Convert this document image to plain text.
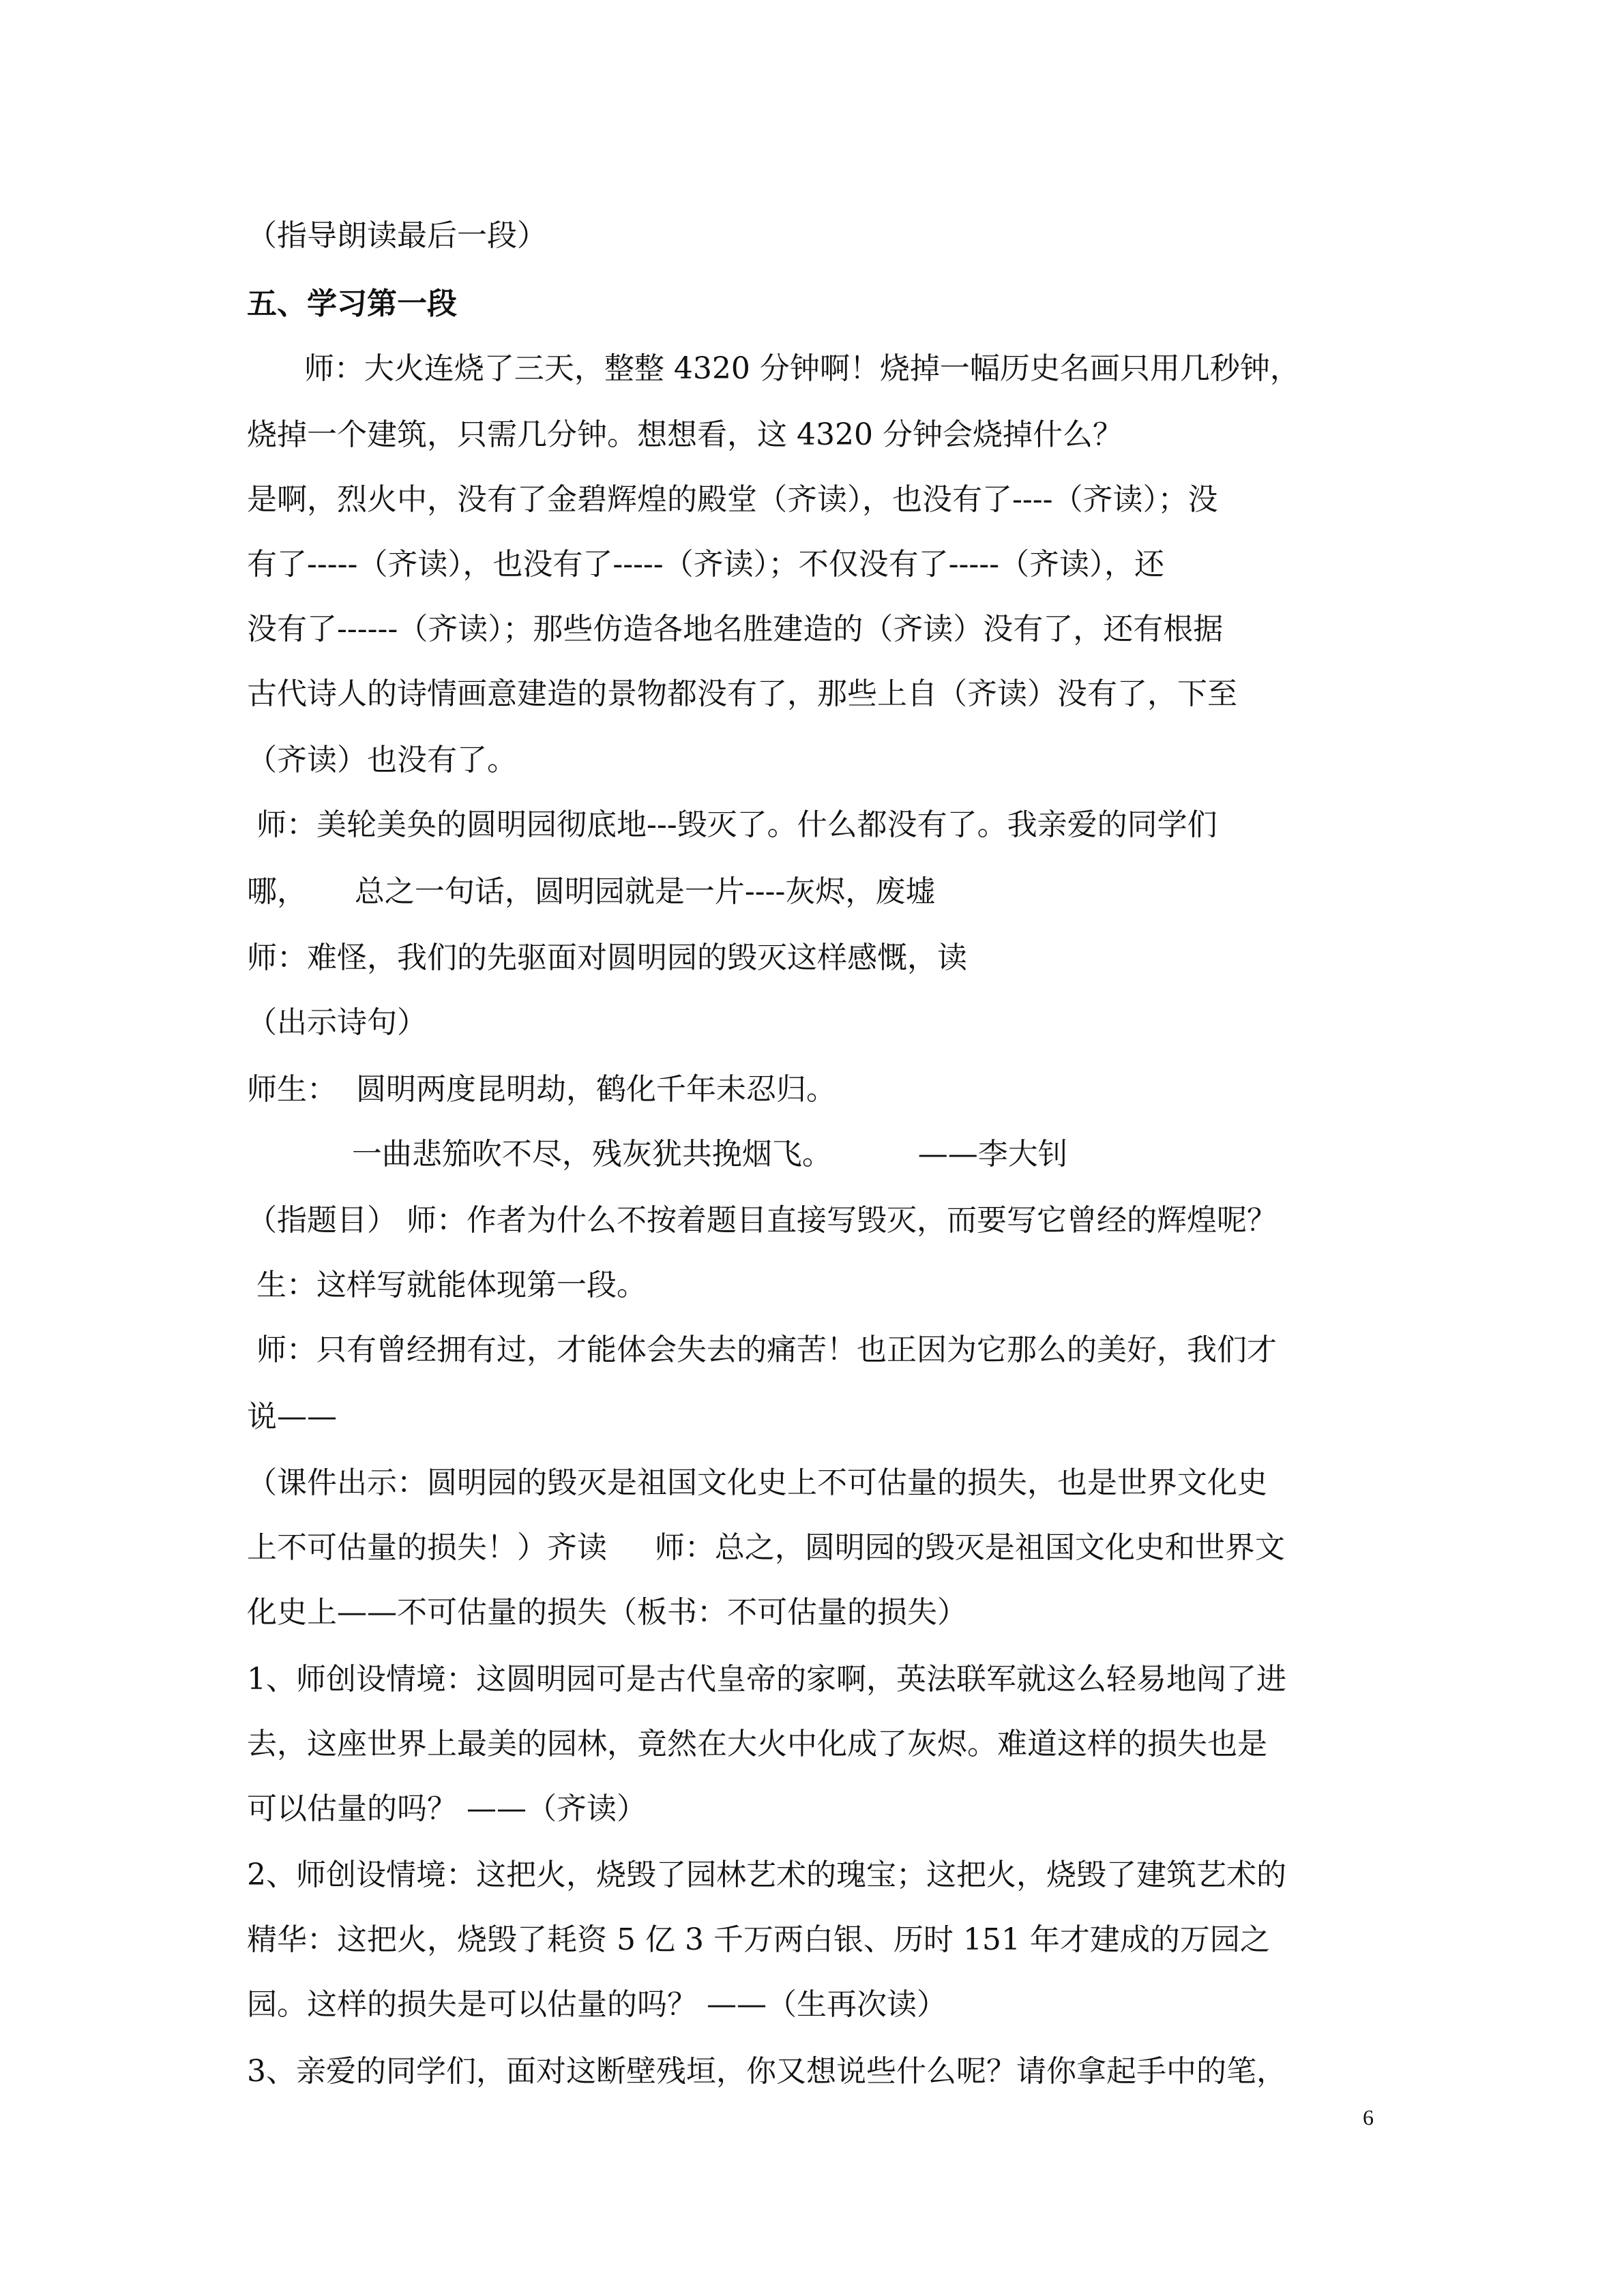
（指导朗读最后一段）
五、学习第一段
师：大火连烧了三天，整整 4320 分钟啊！烧掉一幅历史名画只用几秒钟，
烧掉一个建筑，只需几分钟。想想看，这 4320 分钟会烧掉什么？
是啊，烈火中，没有了金碧辉煌的殿堂（齐读），也没有了----（齐读）；没
有了-----（齐读），也没有了-----（齐读）；不仅没有了-----（齐读），还
没有了------（齐读）；那些仿造各地名胜建造的（齐读）没有了，还有根据
古代诗人的诗情画意建造的景物都没有了，那些上自（齐读）没有了，下至
（齐读）也没有了。
师：美轮美奂的圆明园彻底地---毁灭了。什么都没有了。我亲爱的同学们
哪，     总之一句话，圆明园就是一片----灰烬，废墟
师：难怪，我们的先驱面对圆明园的毁灭这样感慨，读
（出示诗句）
师生：  圆明两度昆明劫，鹤化千年未忍归。
一曲悲笳吹不尽，残灰犹共挽烟飞。         ——李大钊
（指题目） 师：作者为什么不按着题目直接写毁灭，而要写它曾经的辉煌呢？
生：这样写就能体现第一段。
师：只有曾经拥有过，才能体会失去的痛苦！也正因为它那么的美好，我们才
说——
（课件出示：圆明园的毁灭是祖国文化史上不可估量的损失，也是世界文化史
上不可估量的损失！）齐读     师：总之，圆明园的毁灭是祖国文化史和世界文
化史上——不可估量的损失（板书：不可估量的损失）
1、师创设情境：这圆明园可是古代皇帝的家啊，英法联军就这么轻易地闯了进
去，这座世界上最美的园林，竟然在大火中化成了灰烬。难道这样的损失也是
可以估量的吗？ ——（齐读）
2、师创设情境：这把火，烧毁了园林艺术的瑰宝；这把火，烧毁了建筑艺术的
精华：这把火，烧毁了耗资 5 亿 3 千万两白银、历时 151 年才建成的万园之
园。这样的损失是可以估量的吗？ ——（生再次读）
3、亲爱的同学们，面对这断壁残垣，你又想说些什么呢？请你拿起手中的笔，
6
